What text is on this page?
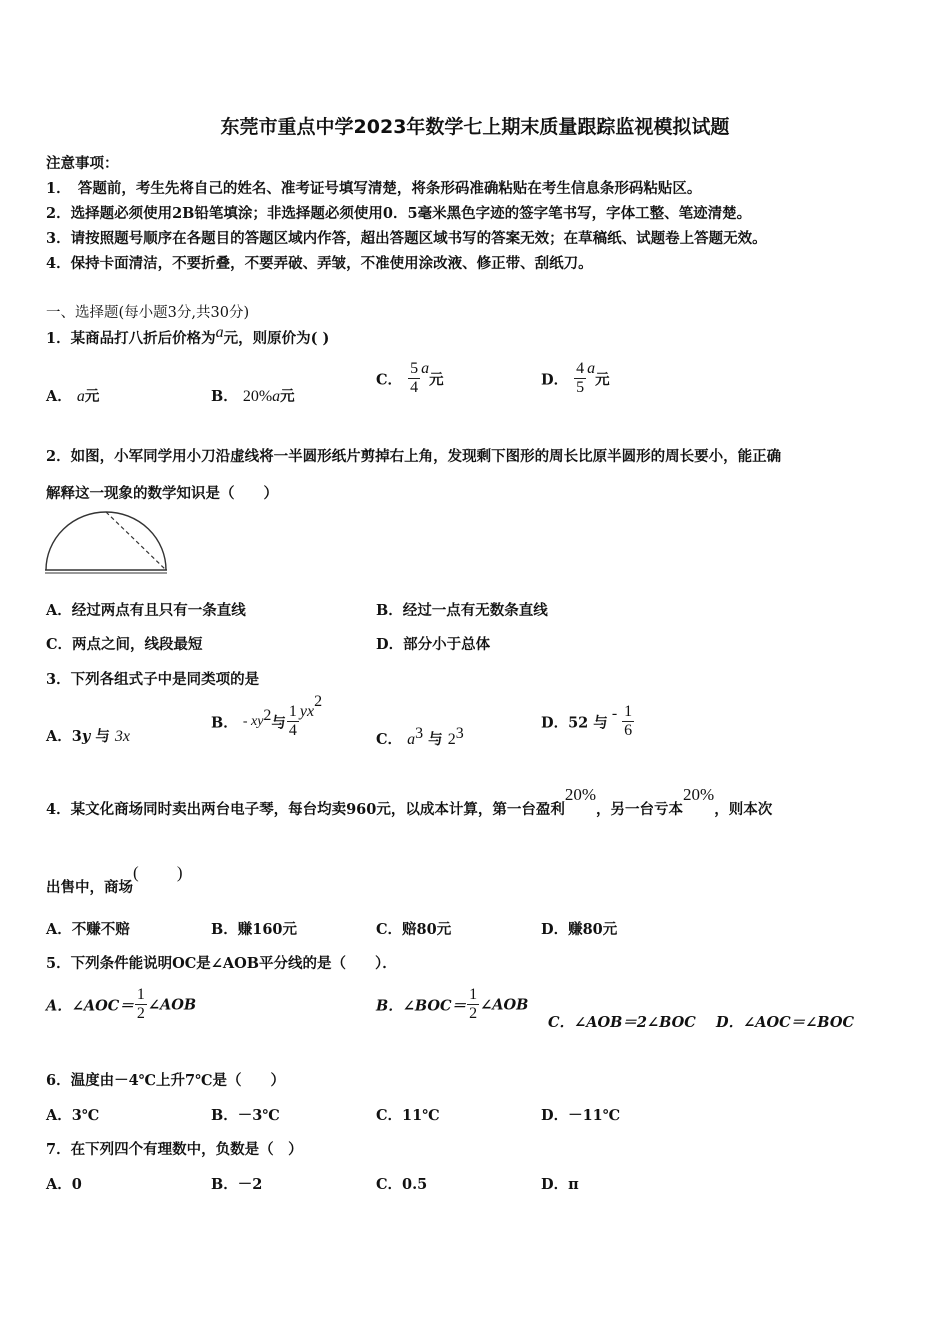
东莞市重点中学2023年数学七上期末质量跟踪监视模拟试题
注意事项：
1．　答题前，考生先将自己的姓名、准考证号填写清楚，将条形码准确粘贴在考生信息条形码粘贴区。
2．选择题必须使用2B铅笔填涂；非选择题必须使用0．5毫米黑色字迹的签字笔书写，字体工整、笔迹清楚。
3．请按照题号顺序在各题目的答题区域内作答，超出答题区域书写的答案无效；在草稿纸、试题卷上答题无效。
4．保持卡面清洁，不要折叠，不要弄破、弄皱，不准使用涂改液、修正带、刮纸刀。
一、选择题(每小题3分,共30分)
1．某商品打八折后价格为a元，则原价为( )
A． a元	B． 20%a元
C． $\frac{5}{4}$ a元	D． $\frac{4}{5}$ a元
2．如图，小军同学用小刀沿虚线将一半圆形纸片剪掉右上角，发现剩下图形的周长比原半圆形的周长要小，能正确
解释这一现象的数学知识是（　　）
A．经过两点有且只有一条直线	B．经过一点有无数条直线
C．两点之间，线段最短	D．部分小于总体
3．下列各组式子中是同类项的是
A．3y 与 3x
B． - $xy^2$与 $\frac{1}{4} yx^2$
C． $a^3$ 与 $2^3$
D．52 与 - $\frac{1}{6}$
4．某文化商场同时卖出两台电子琴，每台均卖960元，以成本计算，第一台盈利20%，另一台亏本20%，则本次
出售中，商场(　　 )
A．不赚不赔	B．赚160元	C．赔80元	D．赚80元
5．下列条件能说明OC是∠AOB平分线的是（　　）．
A．∠AOC＝ $\frac{1}{2}$ ∠AOB	B．∠BOC＝ $\frac{1}{2}$ ∠AOB
C．∠AOB＝2∠BOC D．∠AOC＝∠BOC
6．温度由－4℃上升7℃是（　　）
A．3℃	B．－3℃	C．11℃	D．－11℃
7．在下列四个有理数中，负数是（　）
A．0	B．－2	C．0.5	D．π
